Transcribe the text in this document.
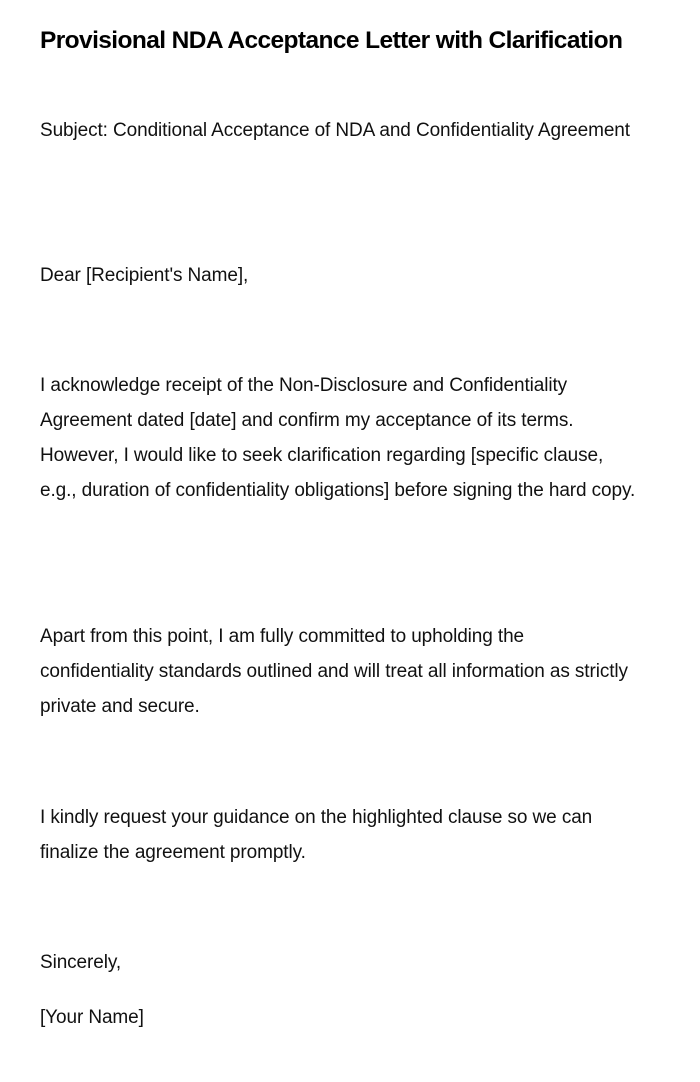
Provisional NDA Acceptance Letter with Clarification

Subject: Conditional Acceptance of NDA and Confidentiality Agreement

Dear [Recipient's Name],

I acknowledge receipt of the Non-Disclosure and Confidentiality Agreement dated [date] and confirm my acceptance of its terms. However, I would like to seek clarification regarding [specific clause, e.g., duration of confidentiality obligations] before signing the hard copy.

Apart from this point, I am fully committed to upholding the confidentiality standards outlined and will treat all information as strictly private and secure.

I kindly request your guidance on the highlighted clause so we can finalize the agreement promptly.

Sincerely,

[Your Name]
